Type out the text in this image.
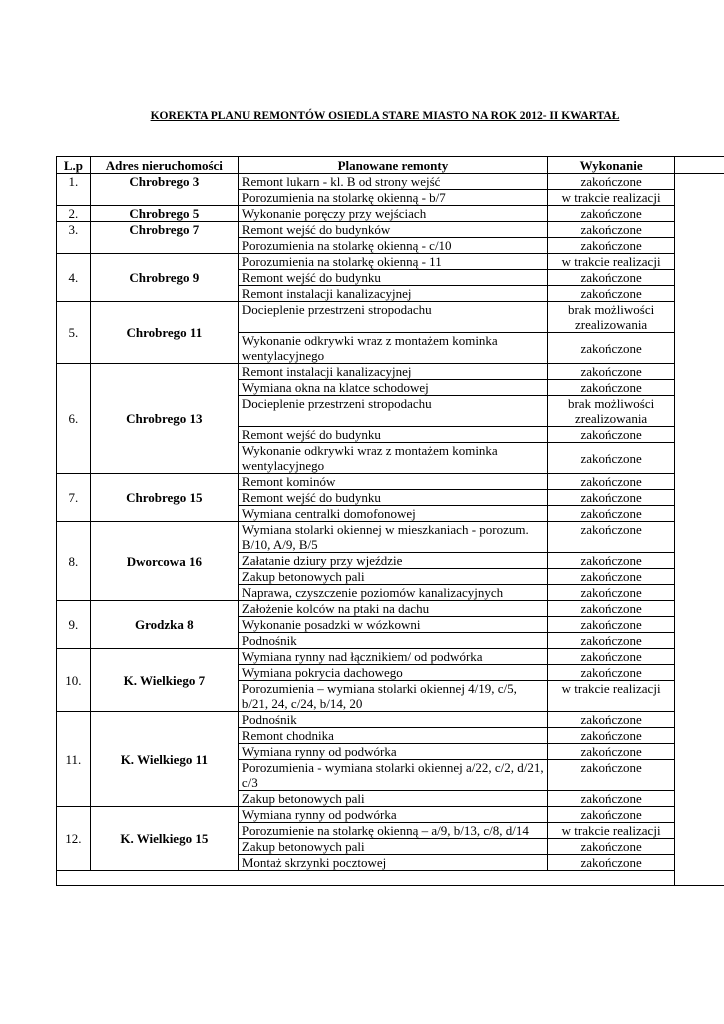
KOREKTA PLANU REMONTÓW OSIEDLA STARE MIASTO NA ROK 2012- II KWARTAŁ
L.p	Adres nieruchomości	Planowane remonty	Wykonanie	
1.	Chrobrego 3	Remont lukarn - kl. B od strony wejść	zakończone	
		Porozumienia na stolarkę okienną - b/7	w trakcie realizacji	
2.	Chrobrego 5	Wykonanie poręczy przy wejściach	zakończone	
3.	Chrobrego 7	Remont wejść do budynków	zakończone	
		Porozumienia na stolarkę okienną - c/10	zakończone	
4.	Chrobrego 9	Porozumienia na stolarkę okienną - 11	w trakcie realizacji	
		Remont wejść do budynku	zakończone	
		Remont instalacji kanalizacyjnej	zakończone	
5.	Chrobrego 11	Docieplenie przestrzeni stropodachu	brak możliwości zrealizowania	
		Wykonanie odkrywki wraz z montażem kominka wentylacyjnego	zakończone	
6.	Chrobrego 13	Remont instalacji kanalizacyjnej	zakończone	
		Wymiana okna na klatce schodowej	zakończone	
		Docieplenie przestrzeni stropodachu	brak możliwości zrealizowania	
		Remont wejść do budynku	zakończone	
		Wykonanie odkrywki wraz z montażem kominka wentylacyjnego	zakończone	
7.	Chrobrego 15	Remont kominów	zakończone	
		Remont wejść do budynku	zakończone	
		Wymiana centralki domofonowej	zakończone	
8.	Dworcowa 16	Wymiana stolarki okiennej w mieszkaniach - porozum. B/10, A/9, B/5	zakończone	
		Załatanie dziury przy wjeździe	zakończone	
		Zakup betonowych pali	zakończone	
		Naprawa, czyszczenie poziomów kanalizacyjnych	zakończone	
9.	Grodzka 8	Założenie kolców na ptaki na dachu	zakończone	
		Wykonanie posadzki w wózkowni	zakończone	
		Podnośnik	zakończone	
10.	K. Wielkiego 7	Wymiana rynny nad łącznikiem/ od podwórka	zakończone	
		Wymiana pokrycia dachowego	zakończone	
		Porozumienia – wymiana stolarki okiennej 4/19, c/5, b/21, 24, c/24, b/14, 20	w trakcie realizacji	
11.	K. Wielkiego 11	Podnośnik	zakończone	
		Remont chodnika	zakończone	
		Wymiana rynny od podwórka	zakończone	
		Porozumienia - wymiana stolarki okiennej a/22, c/2, d/21, c/3	zakończone	
		Zakup betonowych pali	zakończone	
12.	K. Wielkiego 15	Wymiana rynny od podwórka	zakończone	
		Porozumienie na stolarkę okienną – a/9, b/13, c/8, d/14	w trakcie realizacji	
		Zakup betonowych pali	zakończone	
		Montaż skrzynki pocztowej	zakończone	
